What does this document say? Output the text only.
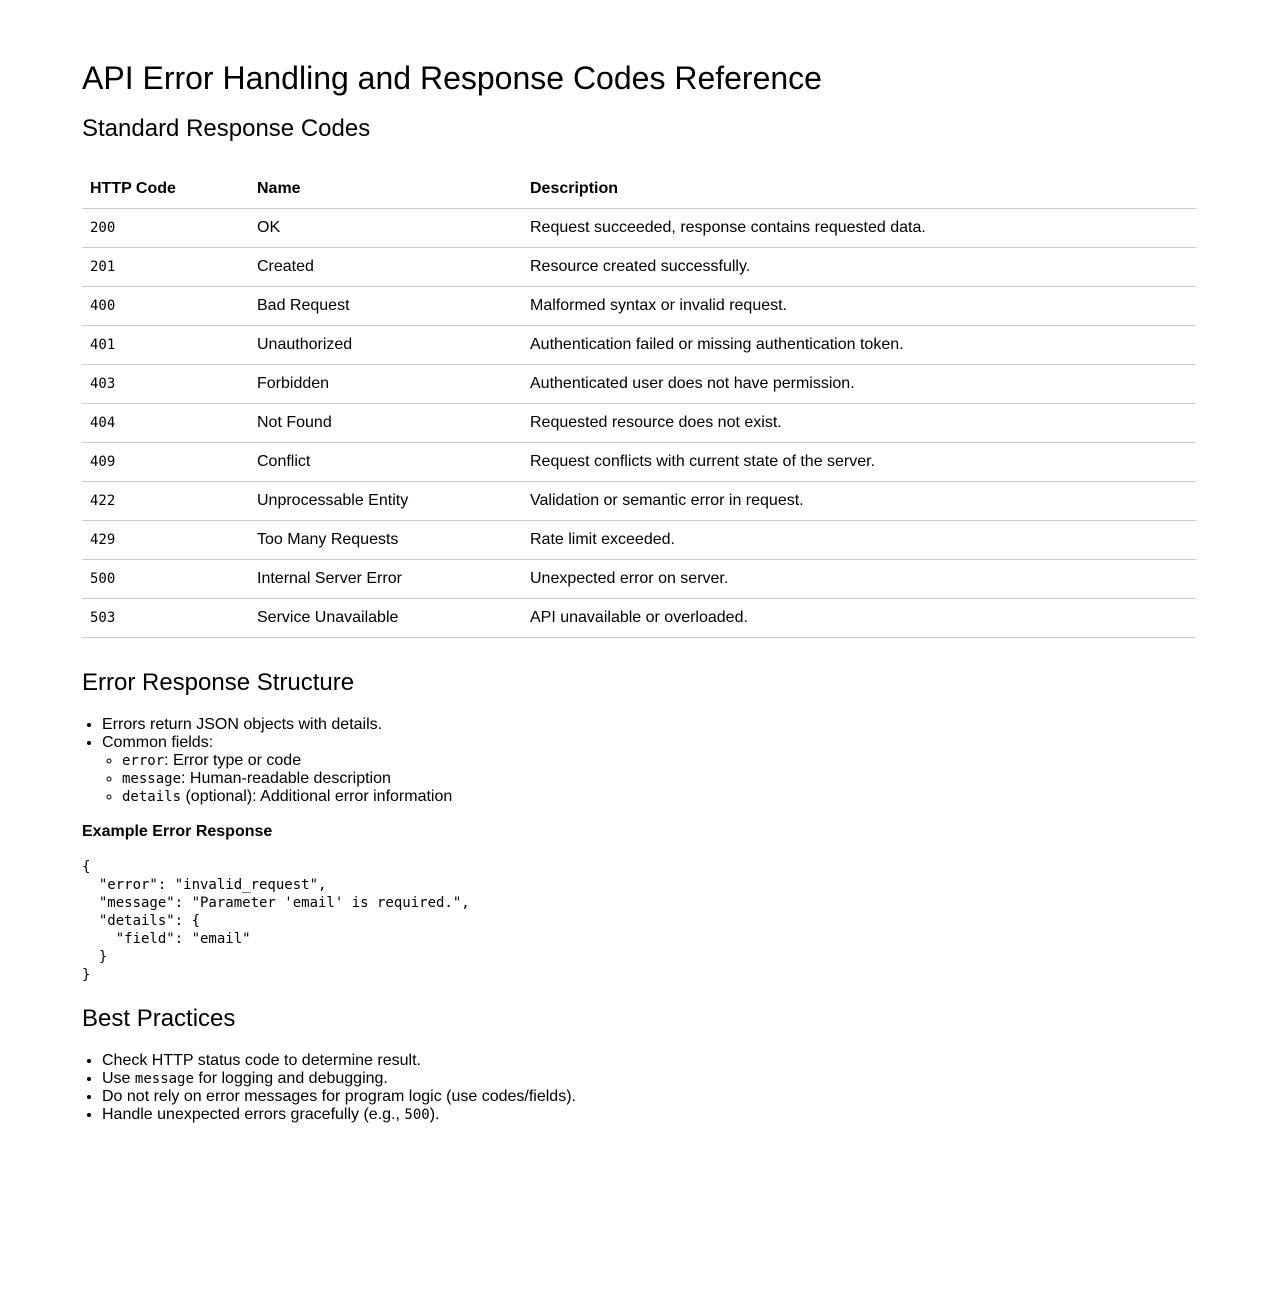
API Error Handling and Response Codes Reference
Standard Response Codes
HTTP Code	Name	Description
200	OK	Request succeeded, response contains requested data.
201	Created	Resource created successfully.
400	Bad Request	Malformed syntax or invalid request.
401	Unauthorized	Authentication failed or missing authentication token.
403	Forbidden	Authenticated user does not have permission.
404	Not Found	Requested resource does not exist.
409	Conflict	Request conflicts with current state of the server.
422	Unprocessable Entity	Validation or semantic error in request.
429	Too Many Requests	Rate limit exceeded.
500	Internal Server Error	Unexpected error on server.
503	Service Unavailable	API unavailable or overloaded.
Error Response Structure
• Errors return JSON objects with details.
• Common fields:
◦ error: Error type or code
◦ message: Human-readable description
◦ details (optional): Additional error information
Example Error Response
{
"error": "invalid_request",
"message": "Parameter 'email' is required.",
"details": {
"field": "email"
}
}
Best Practices
• Check HTTP status code to determine result.
• Use message for logging and debugging.
• Do not rely on error messages for program logic (use codes/fields).
• Handle unexpected errors gracefully (e.g., 500).
